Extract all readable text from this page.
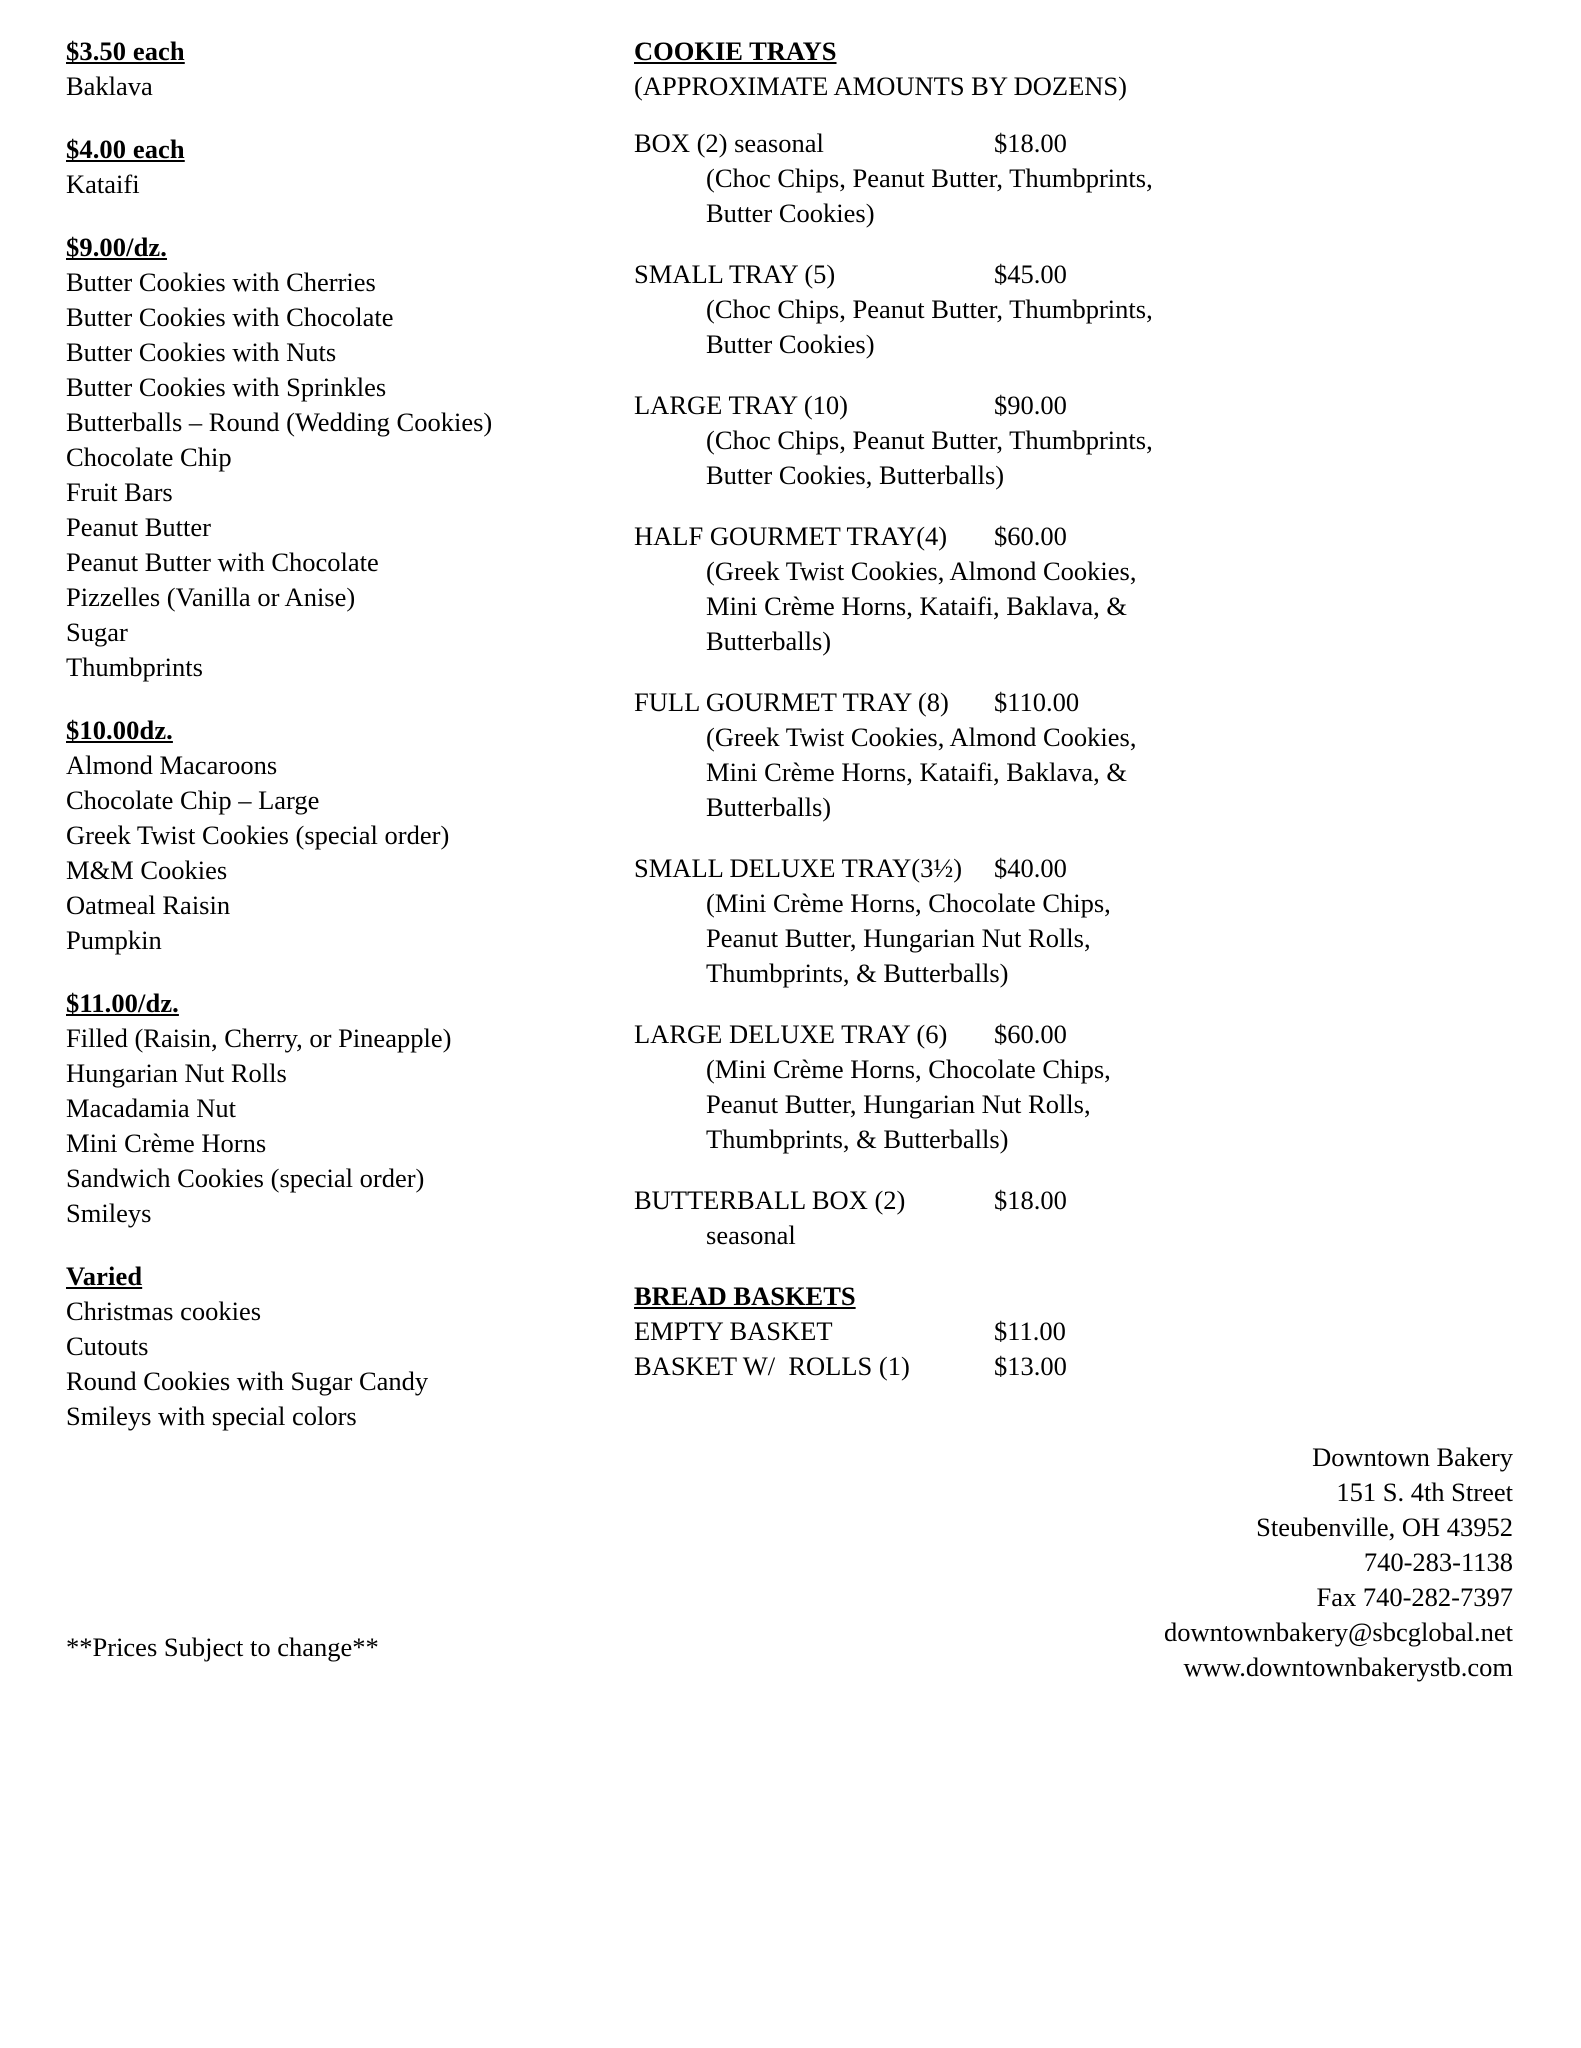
$3.50 each
Baklava
$4.00 each
Kataifi
$9.00/dz.
Butter Cookies with Cherries
Butter Cookies with Chocolate
Butter Cookies with Nuts
Butter Cookies with Sprinkles
Butterballs – Round (Wedding Cookies)
Chocolate Chip
Fruit Bars
Peanut Butter
Peanut Butter with Chocolate
Pizzelles (Vanilla or Anise)
Sugar
Thumbprints
$10.00dz.
Almond Macaroons
Chocolate Chip – Large
Greek Twist Cookies (special order)
M&M Cookies
Oatmeal Raisin
Pumpkin
$11.00/dz.
Filled (Raisin, Cherry, or Pineapple)
Hungarian Nut Rolls
Macadamia Nut
Mini Crème Horns
Sandwich Cookies (special order)
Smileys
Varied
Christmas cookies
Cutouts
Round Cookies with Sugar Candy
Smileys with special colors
**Prices Subject to change**
COOKIE TRAYS
(APPROXIMATE AMOUNTS BY DOZENS)
BOX (2) seasonal	$18.00
(Choc Chips, Peanut Butter, Thumbprints,
Butter Cookies)
SMALL TRAY (5)	$45.00
(Choc Chips, Peanut Butter, Thumbprints,
Butter Cookies)
LARGE TRAY (10)	$90.00
(Choc Chips, Peanut Butter, Thumbprints,
Butter Cookies, Butterballs)
HALF GOURMET TRAY(4)	$60.00
(Greek Twist Cookies, Almond Cookies,
Mini Crème Horns, Kataifi, Baklava, &
Butterballs)
FULL GOURMET TRAY (8)	$110.00
(Greek Twist Cookies, Almond Cookies,
Mini Crème Horns, Kataifi, Baklava, &
Butterballs)
SMALL DELUXE TRAY(3½)	$40.00
(Mini Crème Horns, Chocolate Chips,
Peanut Butter, Hungarian Nut Rolls,
Thumbprints, & Butterballs)
LARGE DELUXE TRAY (6)	$60.00
(Mini Crème Horns, Chocolate Chips,
Peanut Butter, Hungarian Nut Rolls,
Thumbprints, & Butterballs)
BUTTERBALL BOX (2)	$18.00
seasonal
BREAD BASKETS
EMPTY BASKET	$11.00
BASKET W/  ROLLS (1)	$13.00
Downtown Bakery
151 S. 4th Street
Steubenville, OH 43952
740-283-1138
Fax 740-282-7397
downtownbakery@sbcglobal.net
www.downtownbakerystb.com
